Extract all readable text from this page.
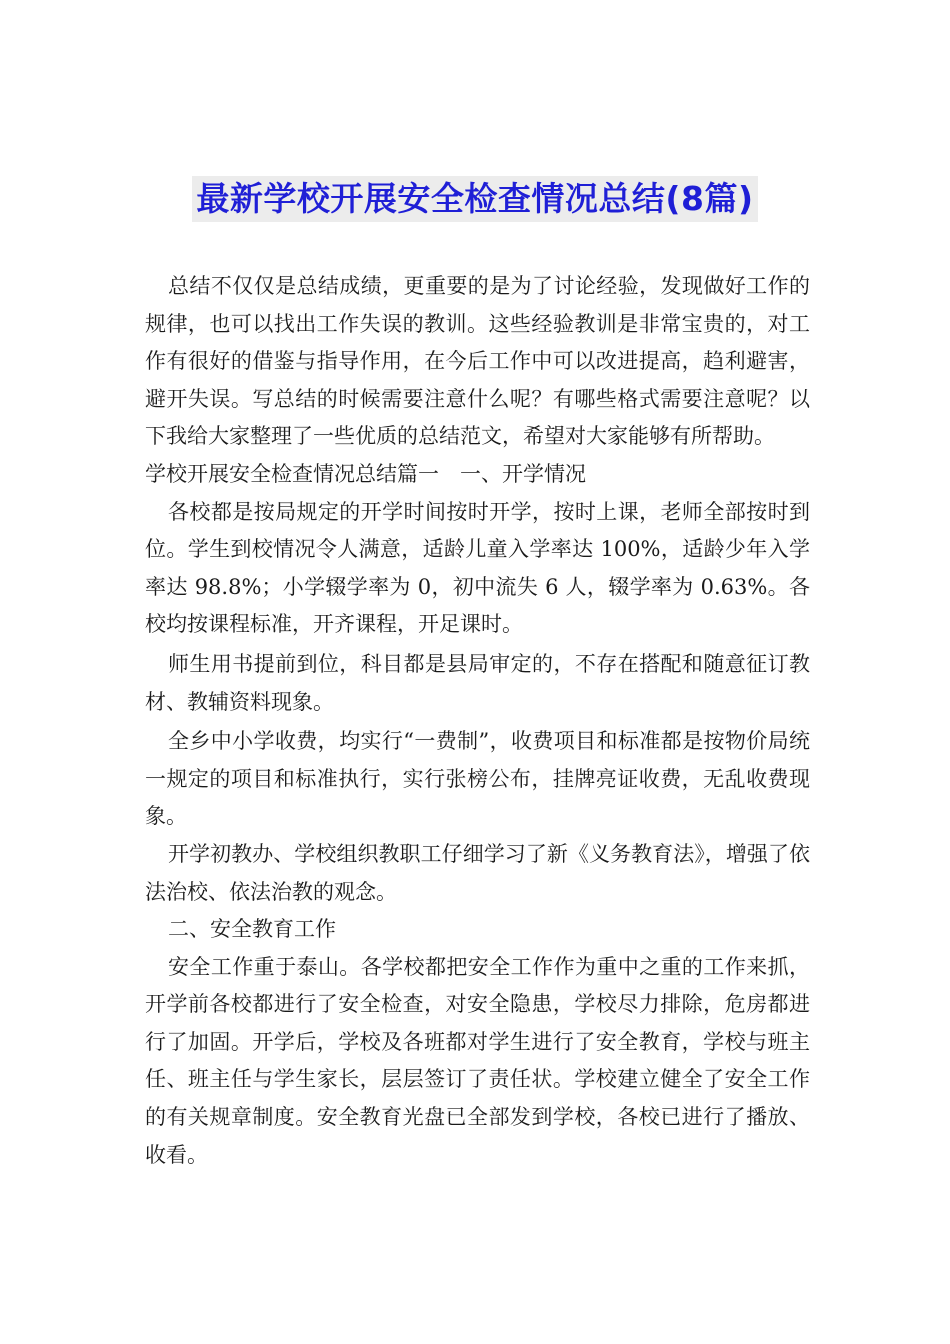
最新学校开展安全检查情况总结(8篇)

总结不仅仅是总结成绩，更重要的是为了讨论经验，发现做好工作的规律，也可以找出工作失误的教训。这些经验教训是非常宝贵的，对工作有很好的借鉴与指导作用，在今后工作中可以改进提高，趋利避害，避开失误。写总结的时候需要注意什么呢？有哪些格式需要注意呢？以下我给大家整理了一些优质的总结范文，希望对大家能够有所帮助。

学校开展安全检查情况总结篇一　一、开学情况

各校都是按局规定的开学时间按时开学，按时上课，老师全部按时到位。学生到校情况令人满意，适龄儿童入学率达 100%，适龄少年入学率达 98.8%；小学辍学率为 0，初中流失 6 人，辍学率为 0.63%。各校均按课程标准，开齐课程，开足课时。

师生用书提前到位，科目都是县局审定的，不存在搭配和随意征订教材、教辅资料现象。

全乡中小学收费，均实行“一费制”，收费项目和标准都是按物价局统一规定的项目和标准执行，实行张榜公布，挂牌亮证收费，无乱收费现象。

开学初教办、学校组织教职工仔细学习了新《义务教育法》，增强了依法治校、依法治教的观念。

二、安全教育工作

安全工作重于泰山。各学校都把安全工作作为重中之重的工作来抓，开学前各校都进行了安全检查，对安全隐患，学校尽力排除，危房都进行了加固。开学后，学校及各班都对学生进行了安全教育，学校与班主任、班主任与学生家长，层层签订了责任状。学校建立健全了安全工作的有关规章制度。安全教育光盘已全部发到学校，各校已进行了播放、收看。
